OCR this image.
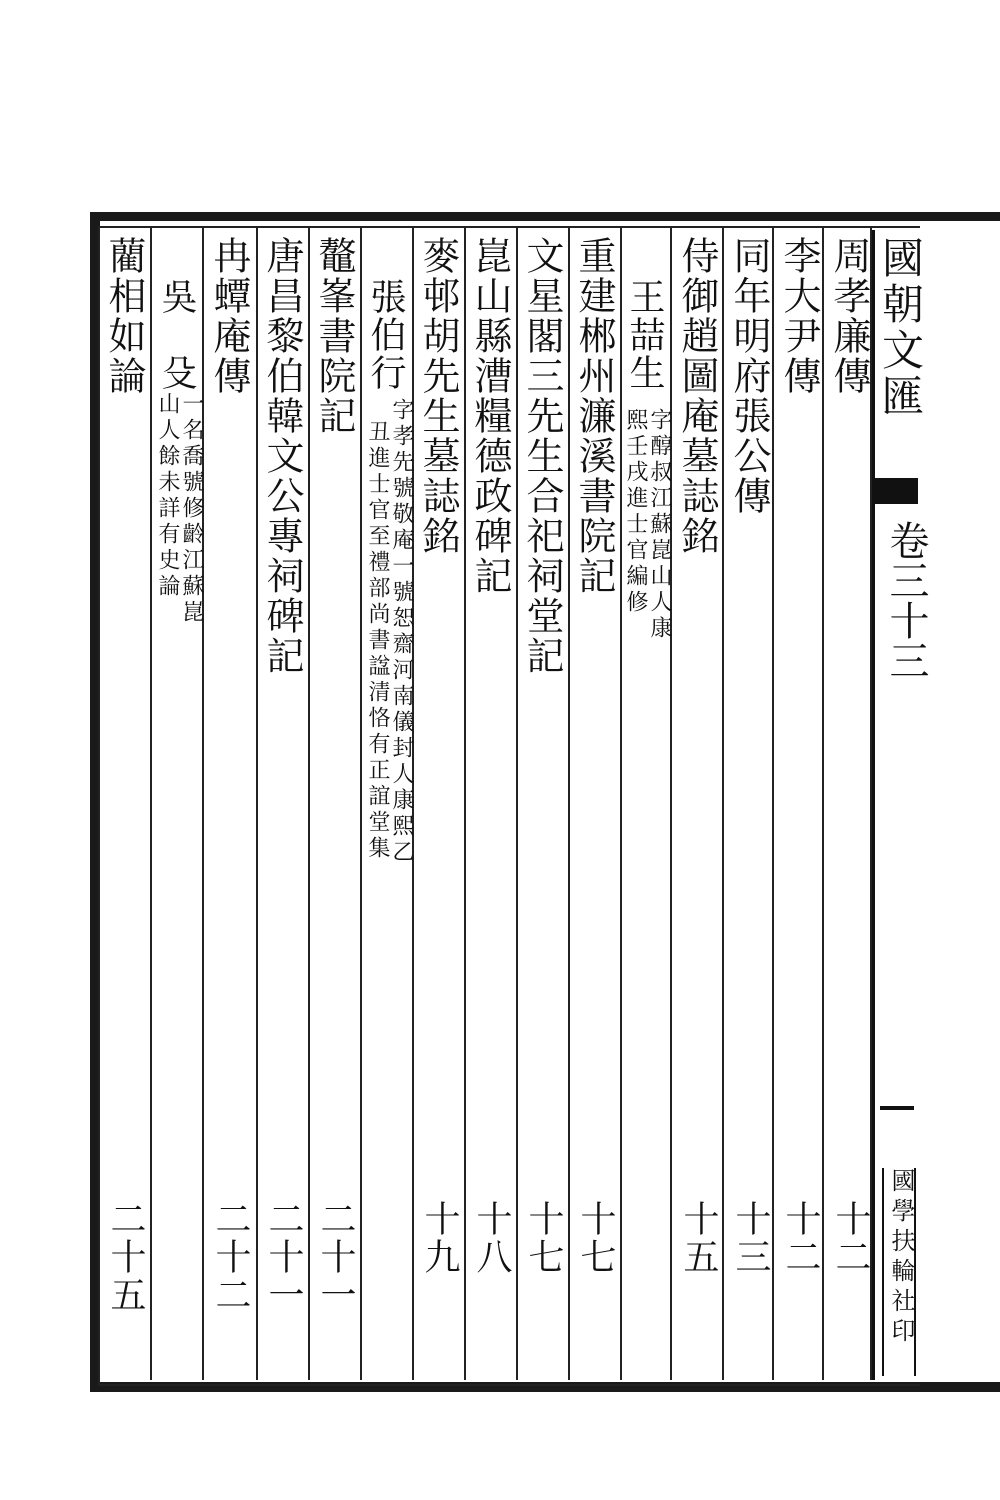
國朝文匯
卷三十三
國學扶輪社印
周孝廉傳
十二
李大尹傳
十二
同年明府張公傳
十三
侍御趙圖庵墓誌銘
十五
王喆生
字醇叔江蘇崑山人康
熙壬戌進士官編修
重建郴州濂溪書院記
十七
文星閣三先生合祀祠堂記
十七
崑山縣漕糧德政碑記
十八
麥邨胡先生墓誌銘
十九
張伯行
字孝先號敬庵一號恕齋河南儀封人康熙乙
丑進士官至禮部尚書諡清恪有正誼堂集
鼇峯書院記
二十一
唐昌黎伯韓文公專祠碑記
二十一
冉蟫庵傳
二十二
吳　殳
一名喬號修齡江蘇崑
山人餘未詳有史論
藺相如論
二十五
